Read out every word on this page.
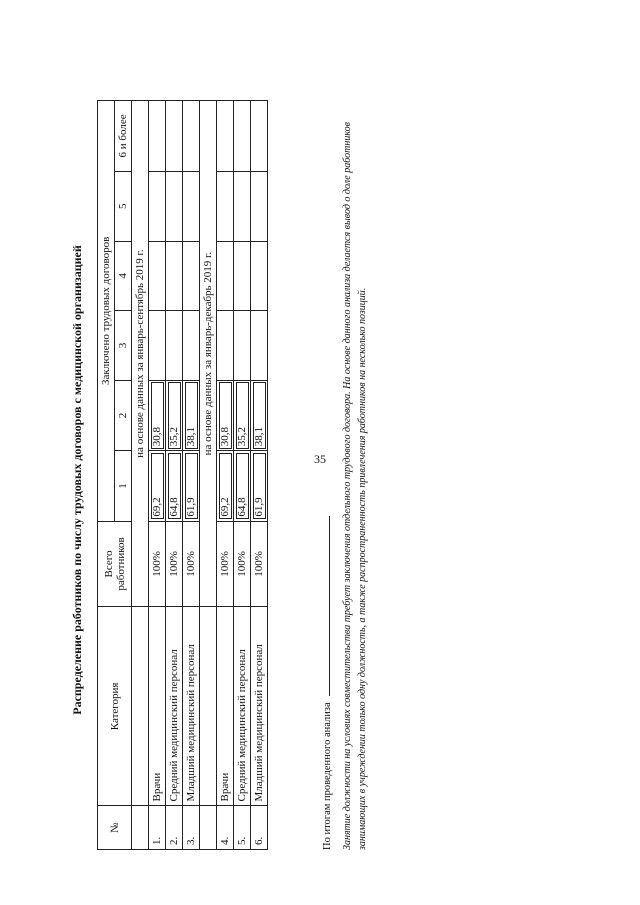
35
Распределение работников по числу трудовых договоров с медицинской организацией
№	Категория	Всего работников	Заключено трудовых договоров					
			1	2	3	4	5	6 и более
		на основе данных за январь-сентябрь 2019 г.						
1.	Врачи	100%	69,2	30,8				
2.	Средний медицинский персонал	100%	64,8	35,2				
3.	Младший медицинский персонал	100%	61,9	38,1				
		на основе данных за январь-декабрь 2019 г.						
4.	Врачи	100%	69,2	30,8				
5.	Средний медицинский персонал	100%	64,8	35,2				
6.	Младший медицинский персонал	100%	61,9	38,1				
По итогам проведенного анализа Занятие должности на условиях совместительства требует заключения отдельного трудового договора. На основе данного анализа делается вывод о доле работников занимающих в учреждении только одну должность, а также распространенность привлечения работников на несколько позиций.
